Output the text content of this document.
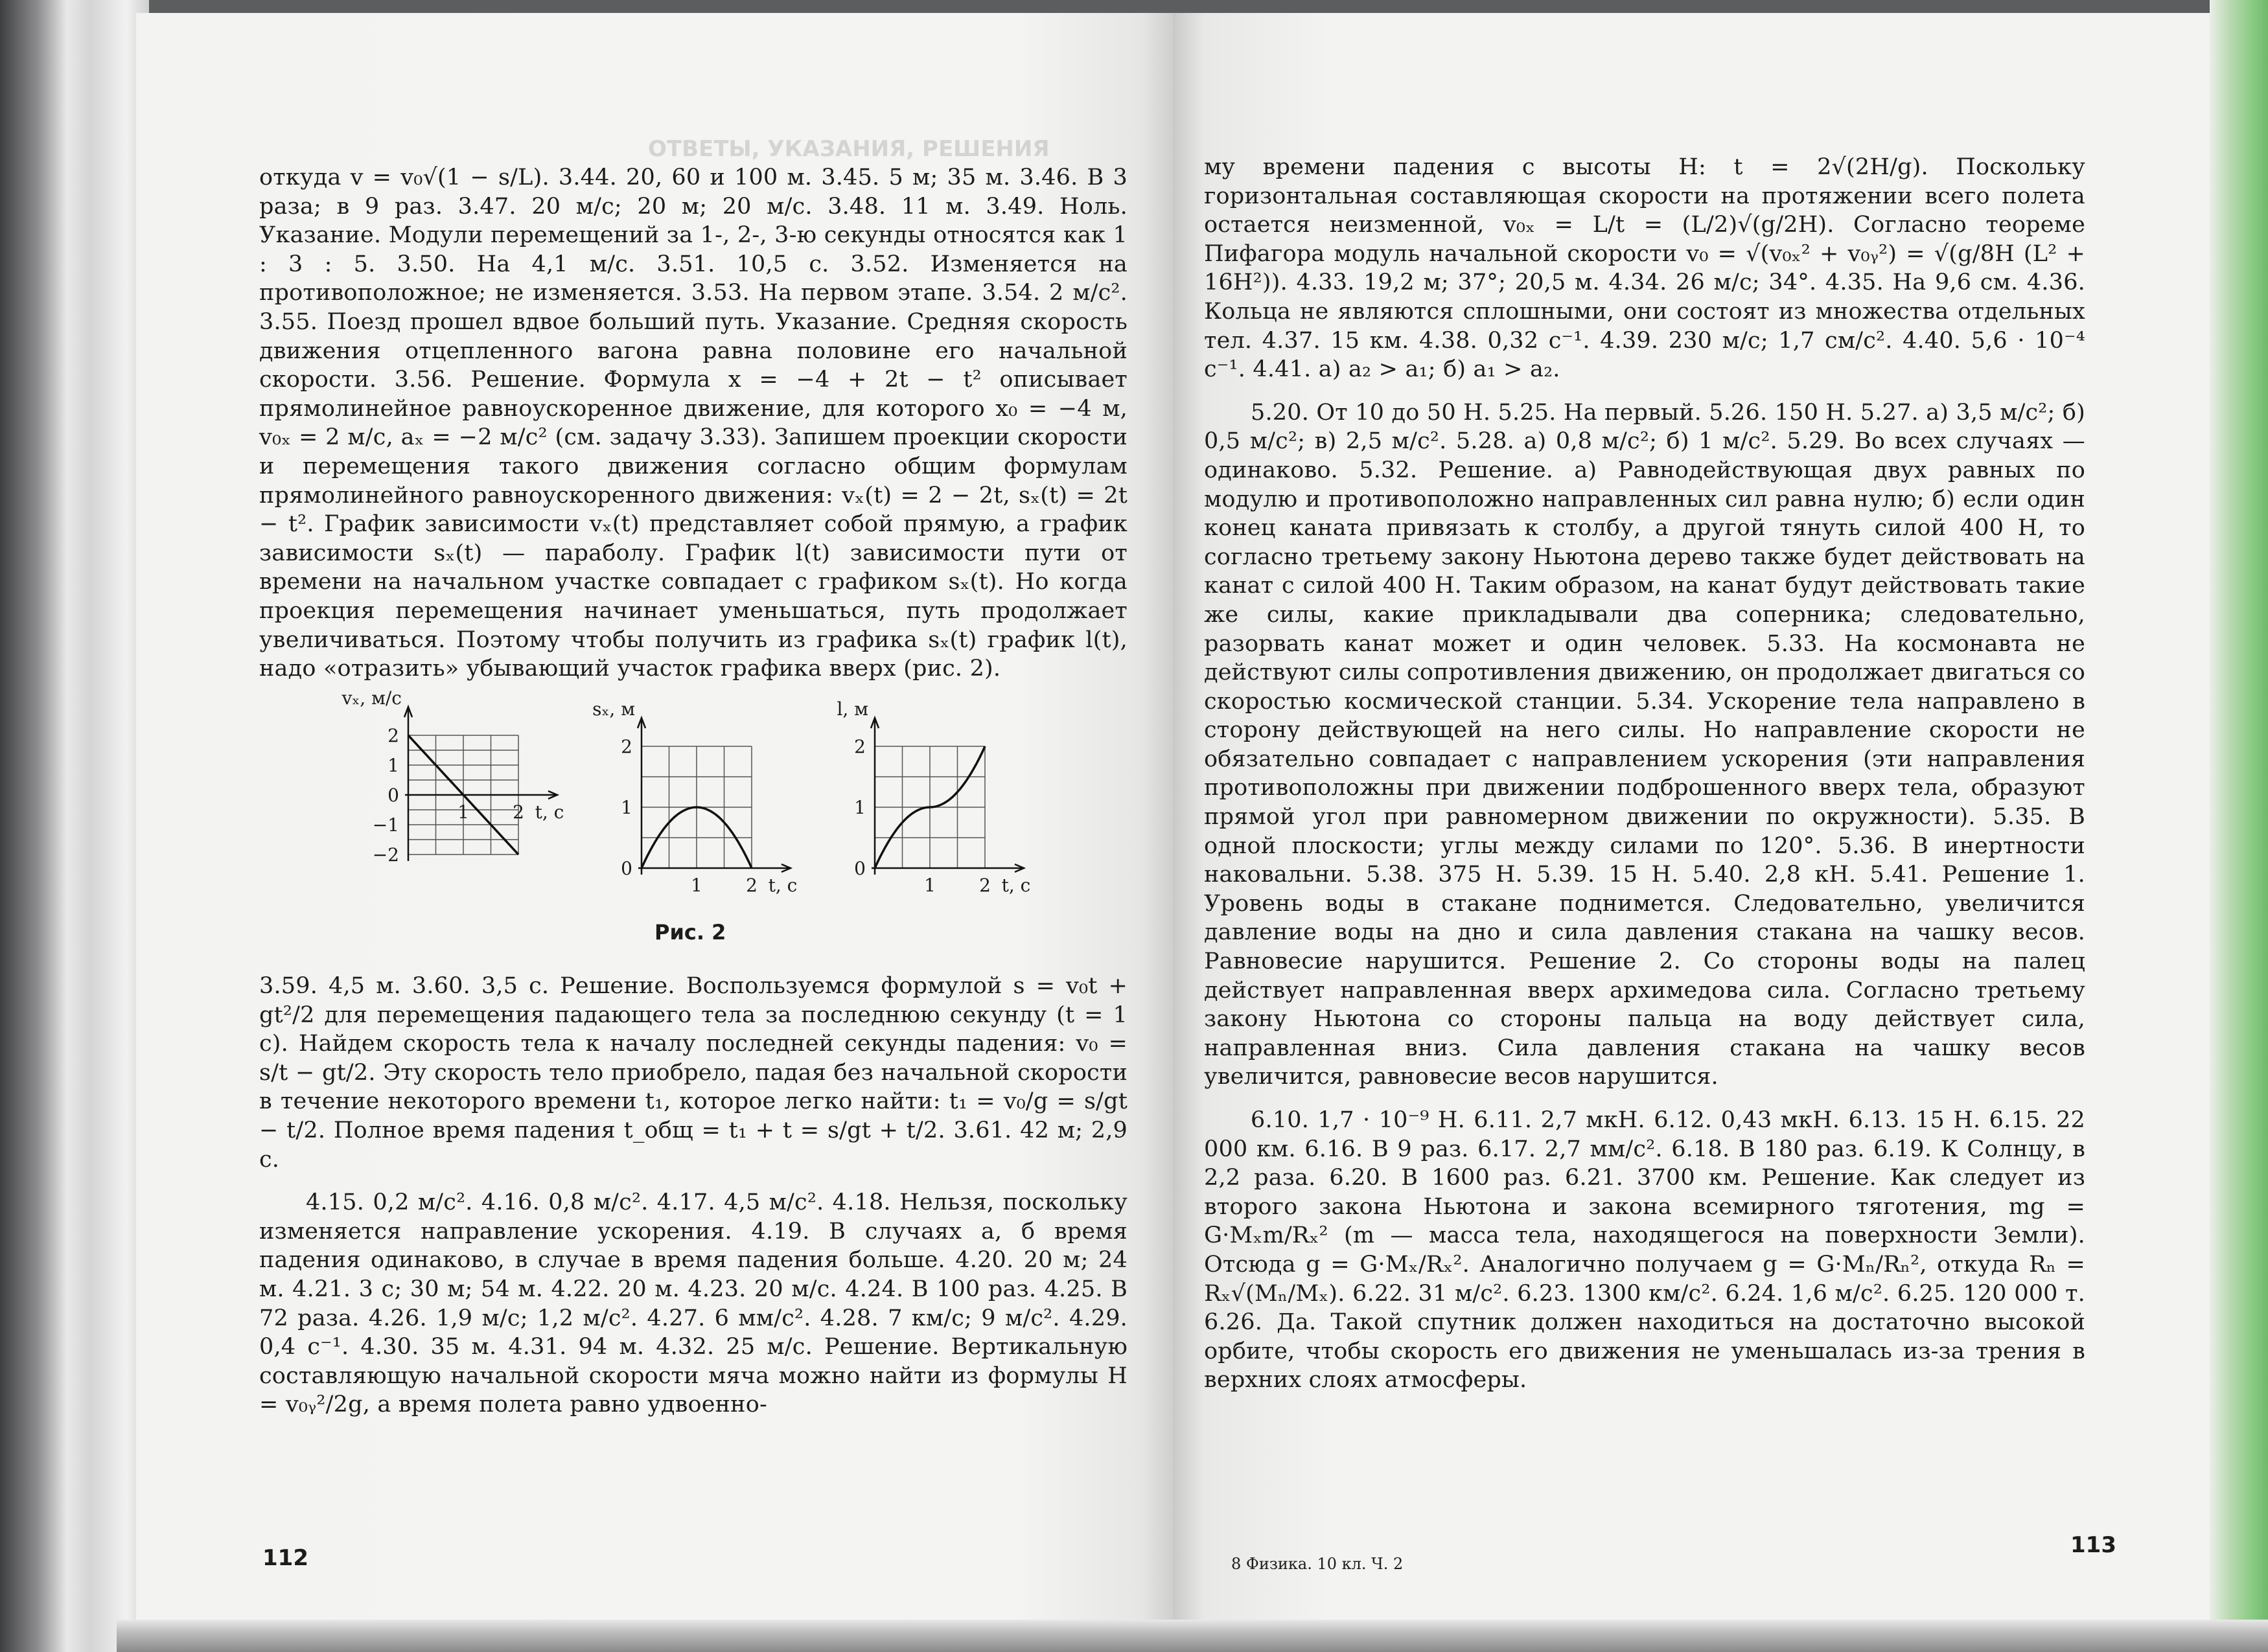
ОТВЕТЫ, УКАЗАНИЯ, РЕШЕНИЯ

откуда v = v₀√(1 − s/L). 3.44. 20, 60 и 100 м. 3.45. 5 м; 35 м. 3.46. В 3 раза; в 9 раз. 3.47. 20 м/с; 20 м; 20 м/с. 3.48. 11 м. 3.49. Ноль. Указание. Модули перемещений за 1-, 2-, 3-ю секунды относятся как 1 : 3 : 5. 3.50. На 4,1 м/с. 3.51. 10,5 с. 3.52. Изменяется на противоположное; не изменяется. 3.53. На первом этапе. 3.54. 2 м/с². 3.55. Поезд прошел вдвое больший путь. Указание. Средняя скорость движения отцепленного вагона равна половине его начальной скорости. 3.56. Решение. Формула x = −4 + 2t − t² описывает прямолинейное равноускоренное движение, для которого x₀ = −4 м, v₀ₓ = 2 м/с, aₓ = −2 м/с² (см. задачу 3.33). Запишем проекции скорости и перемещения такого движения согласно общим формулам прямолинейного равноускоренного движения: vₓ(t) = 2 − 2t, sₓ(t) = 2t − t². График зависимости vₓ(t) представляет собой прямую, а график зависимости sₓ(t) — параболу. График l(t) зависимости пути от времени на начальном участке совпадает с графиком sₓ(t). Но когда проекция перемещения начинает уменьшаться, путь продолжает увеличиваться. Поэтому чтобы получить из графика sₓ(t) график l(t), надо «отразить» убывающий участок графика вверх (рис. 2).

vₓ, м/с
t, c
2
1
0
−1
−2
1 2
sₓ, м
t, c
2
1
0
1 2
l, м
t, c
2
1
0
1 2
Рис. 2

3.59. 4,5 м. 3.60. 3,5 с. Решение. Воспользуемся формулой s = v₀t + gt²/2 для перемещения падающего тела за последнюю секунду (t = 1 с). Найдем скорость тела к началу последней секунды падения: v₀ = s/t − gt/2. Эту скорость тело приобрело, падая без начальной скорости в течение некоторого времени t₁, которое легко найти: t₁ = v₀/g = s/gt − t/2. Полное время падения t_общ = t₁ + t = s/gt + t/2. 3.61. 42 м; 2,9 с.

4.15. 0,2 м/с². 4.16. 0,8 м/с². 4.17. 4,5 м/с². 4.18. Нельзя, поскольку изменяется направление ускорения. 4.19. В случаях а, б время падения одинаково, в случае в время падения больше. 4.20. 20 м; 24 м. 4.21. 3 с; 30 м; 54 м. 4.22. 20 м. 4.23. 20 м/с. 4.24. В 100 раз. 4.25. В 72 раза. 4.26. 1,9 м/с; 1,2 м/с². 4.27. 6 мм/с². 4.28. 7 км/с; 9 м/с². 4.29. 0,4 с⁻¹. 4.30. 35 м. 4.31. 94 м. 4.32. 25 м/с. Решение. Вертикальную составляющую начальной скорости мяча можно найти из формулы H = v₀ᵧ²/2g, а время полета равно удвоенно-

112

му времени падения с высоты H: t = 2√(2H/g). Поскольку горизонтальная составляющая скорости на протяжении всего полета остается неизменной, v₀ₓ = L/t = (L/2)√(g/2H). Согласно теореме Пифагора модуль начальной скорости v₀ = √(v₀ₓ² + v₀ᵧ²) = √(g/8H (L² + 16H²)). 4.33. 19,2 м; 37°; 20,5 м. 4.34. 26 м/с; 34°. 4.35. На 9,6 см. 4.36. Кольца не являются сплошными, они состоят из множества отдельных тел. 4.37. 15 км. 4.38. 0,32 с⁻¹. 4.39. 230 м/с; 1,7 см/с². 4.40. 5,6 · 10⁻⁴ с⁻¹. 4.41. а) a₂ > a₁; б) a₁ > a₂.

5.20. От 10 до 50 Н. 5.25. На первый. 5.26. 150 Н. 5.27. а) 3,5 м/с²; б) 0,5 м/с²; в) 2,5 м/с². 5.28. а) 0,8 м/с²; б) 1 м/с². 5.29. Во всех случаях — одинаково. 5.32. Решение. а) Равнодействующая двух равных по модулю и противоположно направленных сил равна нулю; б) если один конец каната привязать к столбу, а другой тянуть силой 400 Н, то согласно третьему закону Ньютона дерево также будет действовать на канат с силой 400 Н. Таким образом, на канат будут действовать такие же силы, какие прикладывали два соперника; следовательно, разорвать канат может и один человек. 5.33. На космонавта не действуют силы сопротивления движению, он продолжает двигаться со скоростью космической станции. 5.34. Ускорение тела направлено в сторону действующей на него силы. Но направление скорости не обязательно совпадает с направлением ускорения (эти направления противоположны при движении подброшенного вверх тела, образуют прямой угол при равномерном движении по окружности). 5.35. В одной плоскости; углы между силами по 120°. 5.36. В инертности наковальни. 5.38. 375 Н. 5.39. 15 Н. 5.40. 2,8 кН. 5.41. Решение 1. Уровень воды в стакане поднимется. Следовательно, увеличится давление воды на дно и сила давления стакана на чашку весов. Равновесие нарушится. Решение 2. Со стороны воды на палец действует направленная вверх архимедова сила. Согласно третьему закону Ньютона со стороны пальца на воду действует сила, направленная вниз. Сила давления стакана на чашку весов увеличится, равновесие весов нарушится.

6.10. 1,7 · 10⁻⁹ Н. 6.11. 2,7 мкН. 6.12. 0,43 мкН. 6.13. 15 Н. 6.15. 22 000 км. 6.16. В 9 раз. 6.17. 2,7 мм/с². 6.18. В 180 раз. 6.19. К Солнцу, в 2,2 раза. 6.20. В 1600 раз. 6.21. 3700 км. Решение. Как следует из второго закона Ньютона и закона всемирного тяготения, mg = G·Mₓm/Rₓ² (m — масса тела, находящегося на поверхности Земли). Отсюда g = G·Mₓ/Rₓ². Аналогично получаем g = G·Mₙ/Rₙ², откуда Rₙ = Rₓ√(Mₙ/Mₓ). 6.22. 31 м/с². 6.23. 1300 км/с². 6.24. 1,6 м/с². 6.25. 120 000 т. 6.26. Да. Такой спутник должен находиться на достаточно высокой орбите, чтобы скорость его движения не уменьшалась из-за трения в верхних слоях атмосферы.

8 Физика. 10 кл. Ч. 2
113
